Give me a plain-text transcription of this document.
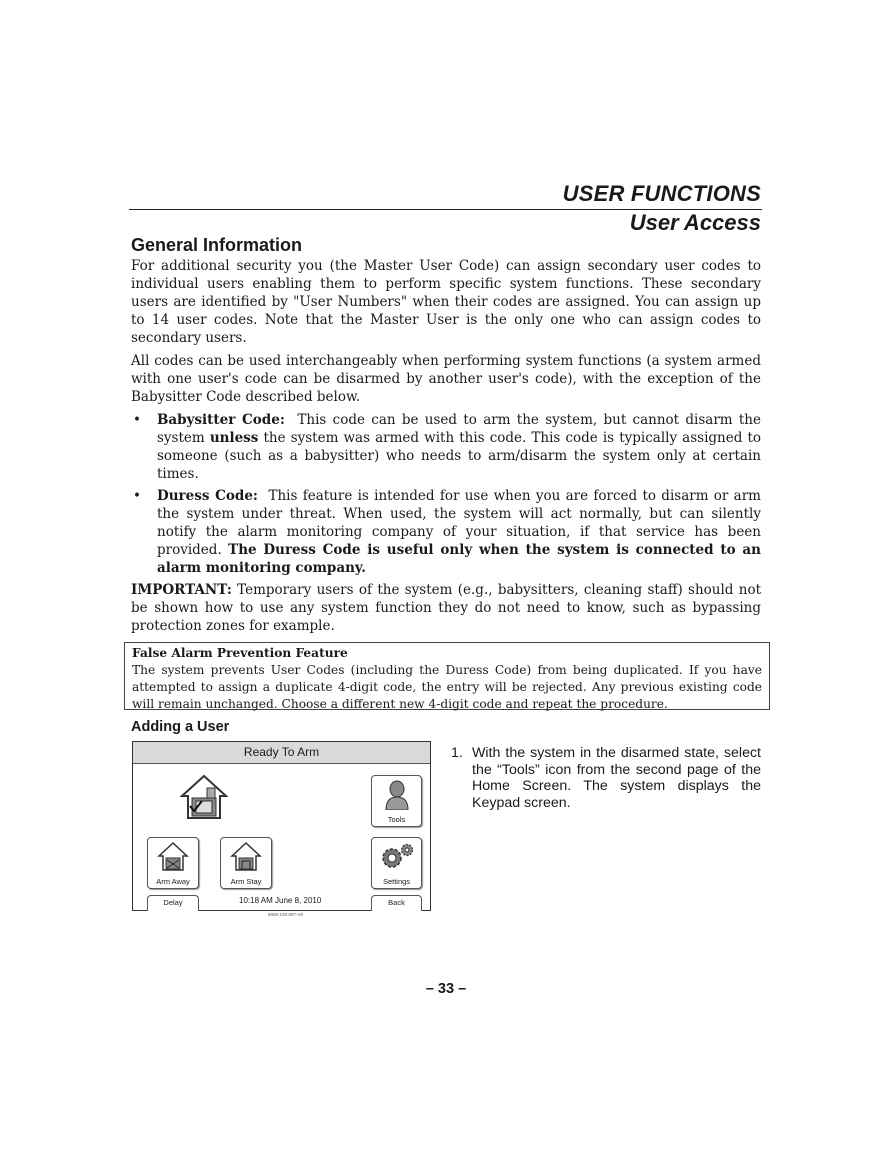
USER FUNCTIONS
User Access
General Information

For additional security you (the Master User Code) can assign secondary user codes to individual users enabling them to perform specific system functions. These secondary users are identified by "User Numbers" when their codes are assigned. You can assign up to 14 user codes. Note that the Master User is the only one who can assign codes to secondary users.

All codes can be used interchangeably when performing system functions (a system armed with one user's code can be disarmed by another user's code), with the exception of the Babysitter Code described below.

• Babysitter Code: This code can be used to arm the system, but cannot disarm the system unless the system was armed with this code. This code is typically assigned to someone (such as a babysitter) who needs to arm/disarm the system only at certain times.
• Duress Code: This feature is intended for use when you are forced to disarm or arm the system under threat. When used, the system will act normally, but can silently notify the alarm monitoring company of your situation, if that service has been provided. The Duress Code is useful only when the system is connected to an alarm monitoring company.

IMPORTANT: Temporary users of the system (e.g., babysitters, cleaning staff) should not be shown how to use any system function they do not need to know, such as bypassing protection zones for example.

False Alarm Prevention Feature
The system prevents User Codes (including the Duress Code) from being duplicated. If you have attempted to assign a duplicate 4-digit code, the entry will be rejected. Any previous existing code will remain unchanged. Choose a different new 4-digit code and repeat the procedure.
Adding a User
Ready To Arm
Tools
Arm Away	Arm Stay	Settings
Delay	10:18 AM June 8, 2010	Back
5000-100-007-V0
1. With the system in the disarmed state, select the “Tools” icon from the second page of the Home Screen. The system displays the Keypad screen.
– 33 –
